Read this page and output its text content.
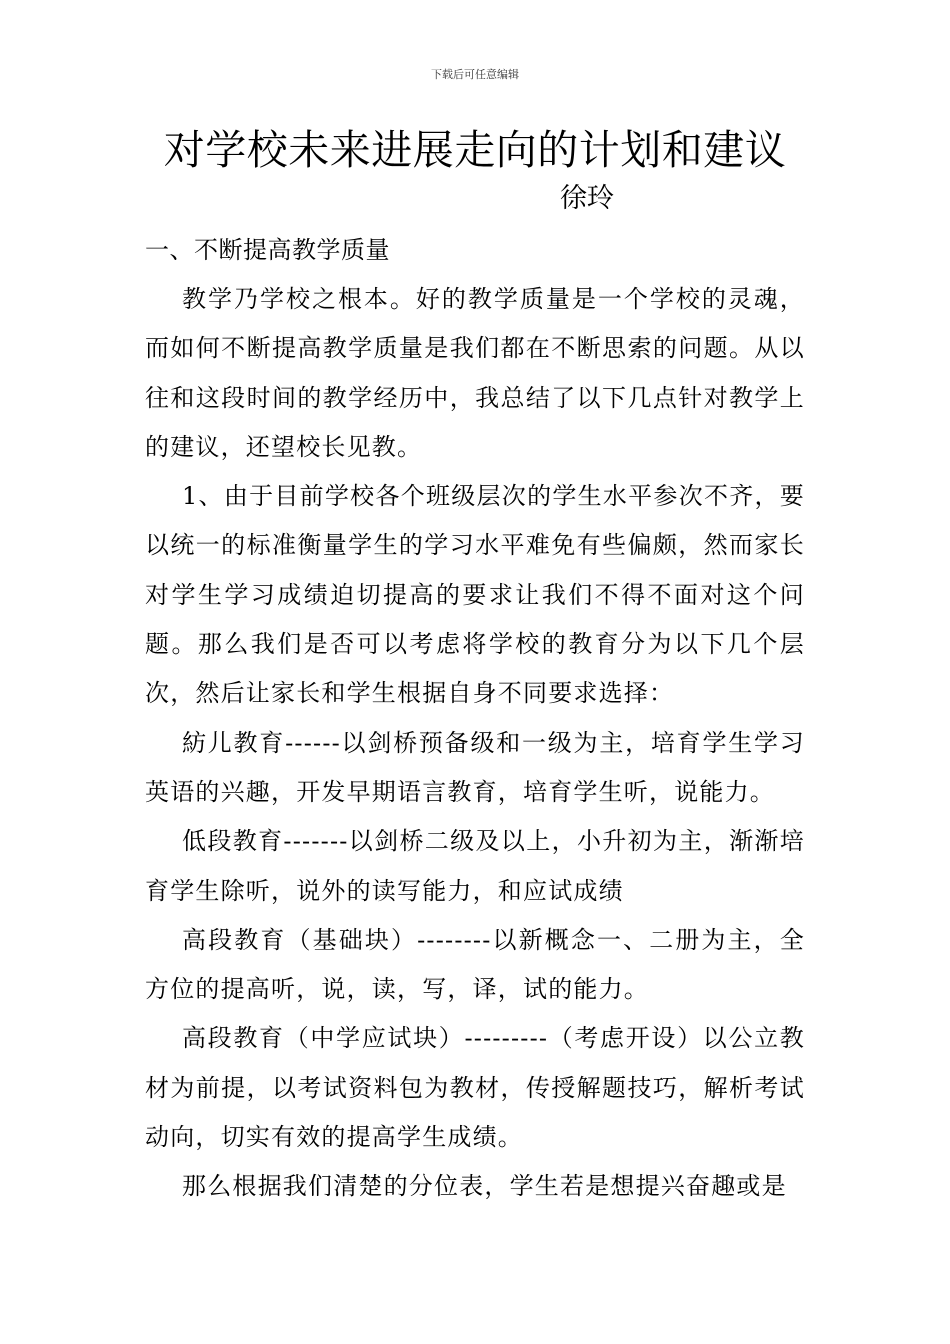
下载后可任意编辑
对学校未来进展走向的计划和建议
徐玲
一、不断提高教学质量

教学乃学校之根本。好的教学质量是一个学校的灵魂，而如何不断提高教学质量是我们都在不断思索的问题。从以往和这段时间的教学经历中，我总结了以下几点针对教学上的建议，还望校长见教。

1、由于目前学校各个班级层次的学生水平参次不齐，要以统一的标准衡量学生的学习水平难免有些偏颇，然而家长对学生学习成绩迫切提高的要求让我们不得不面对这个问题。那么我们是否可以考虑将学校的教育分为以下几个层次，然后让家长和学生根据自身不同要求选择：

紡儿教育------以剑桥预备级和一级为主，培育学生学习英语的兴趣，开发早期语言教育，培育学生听，说能力。

低段教育-------以剑桥二级及以上，小升初为主，渐渐培育学生除听，说外的读写能力，和应试成绩

高段教育（基础块）--------以新概念一、二册为主，全方位的提高听，说，读，写，译，试的能力。

高段教育（中学应试块）---------（考虑开设）以公立教材为前提，以考试资料包为教材，传授解题技巧，解析考试动向，切实有效的提高学生成绩。

那么根据我们清楚的分位表，学生若是想提兴奋趣或是
